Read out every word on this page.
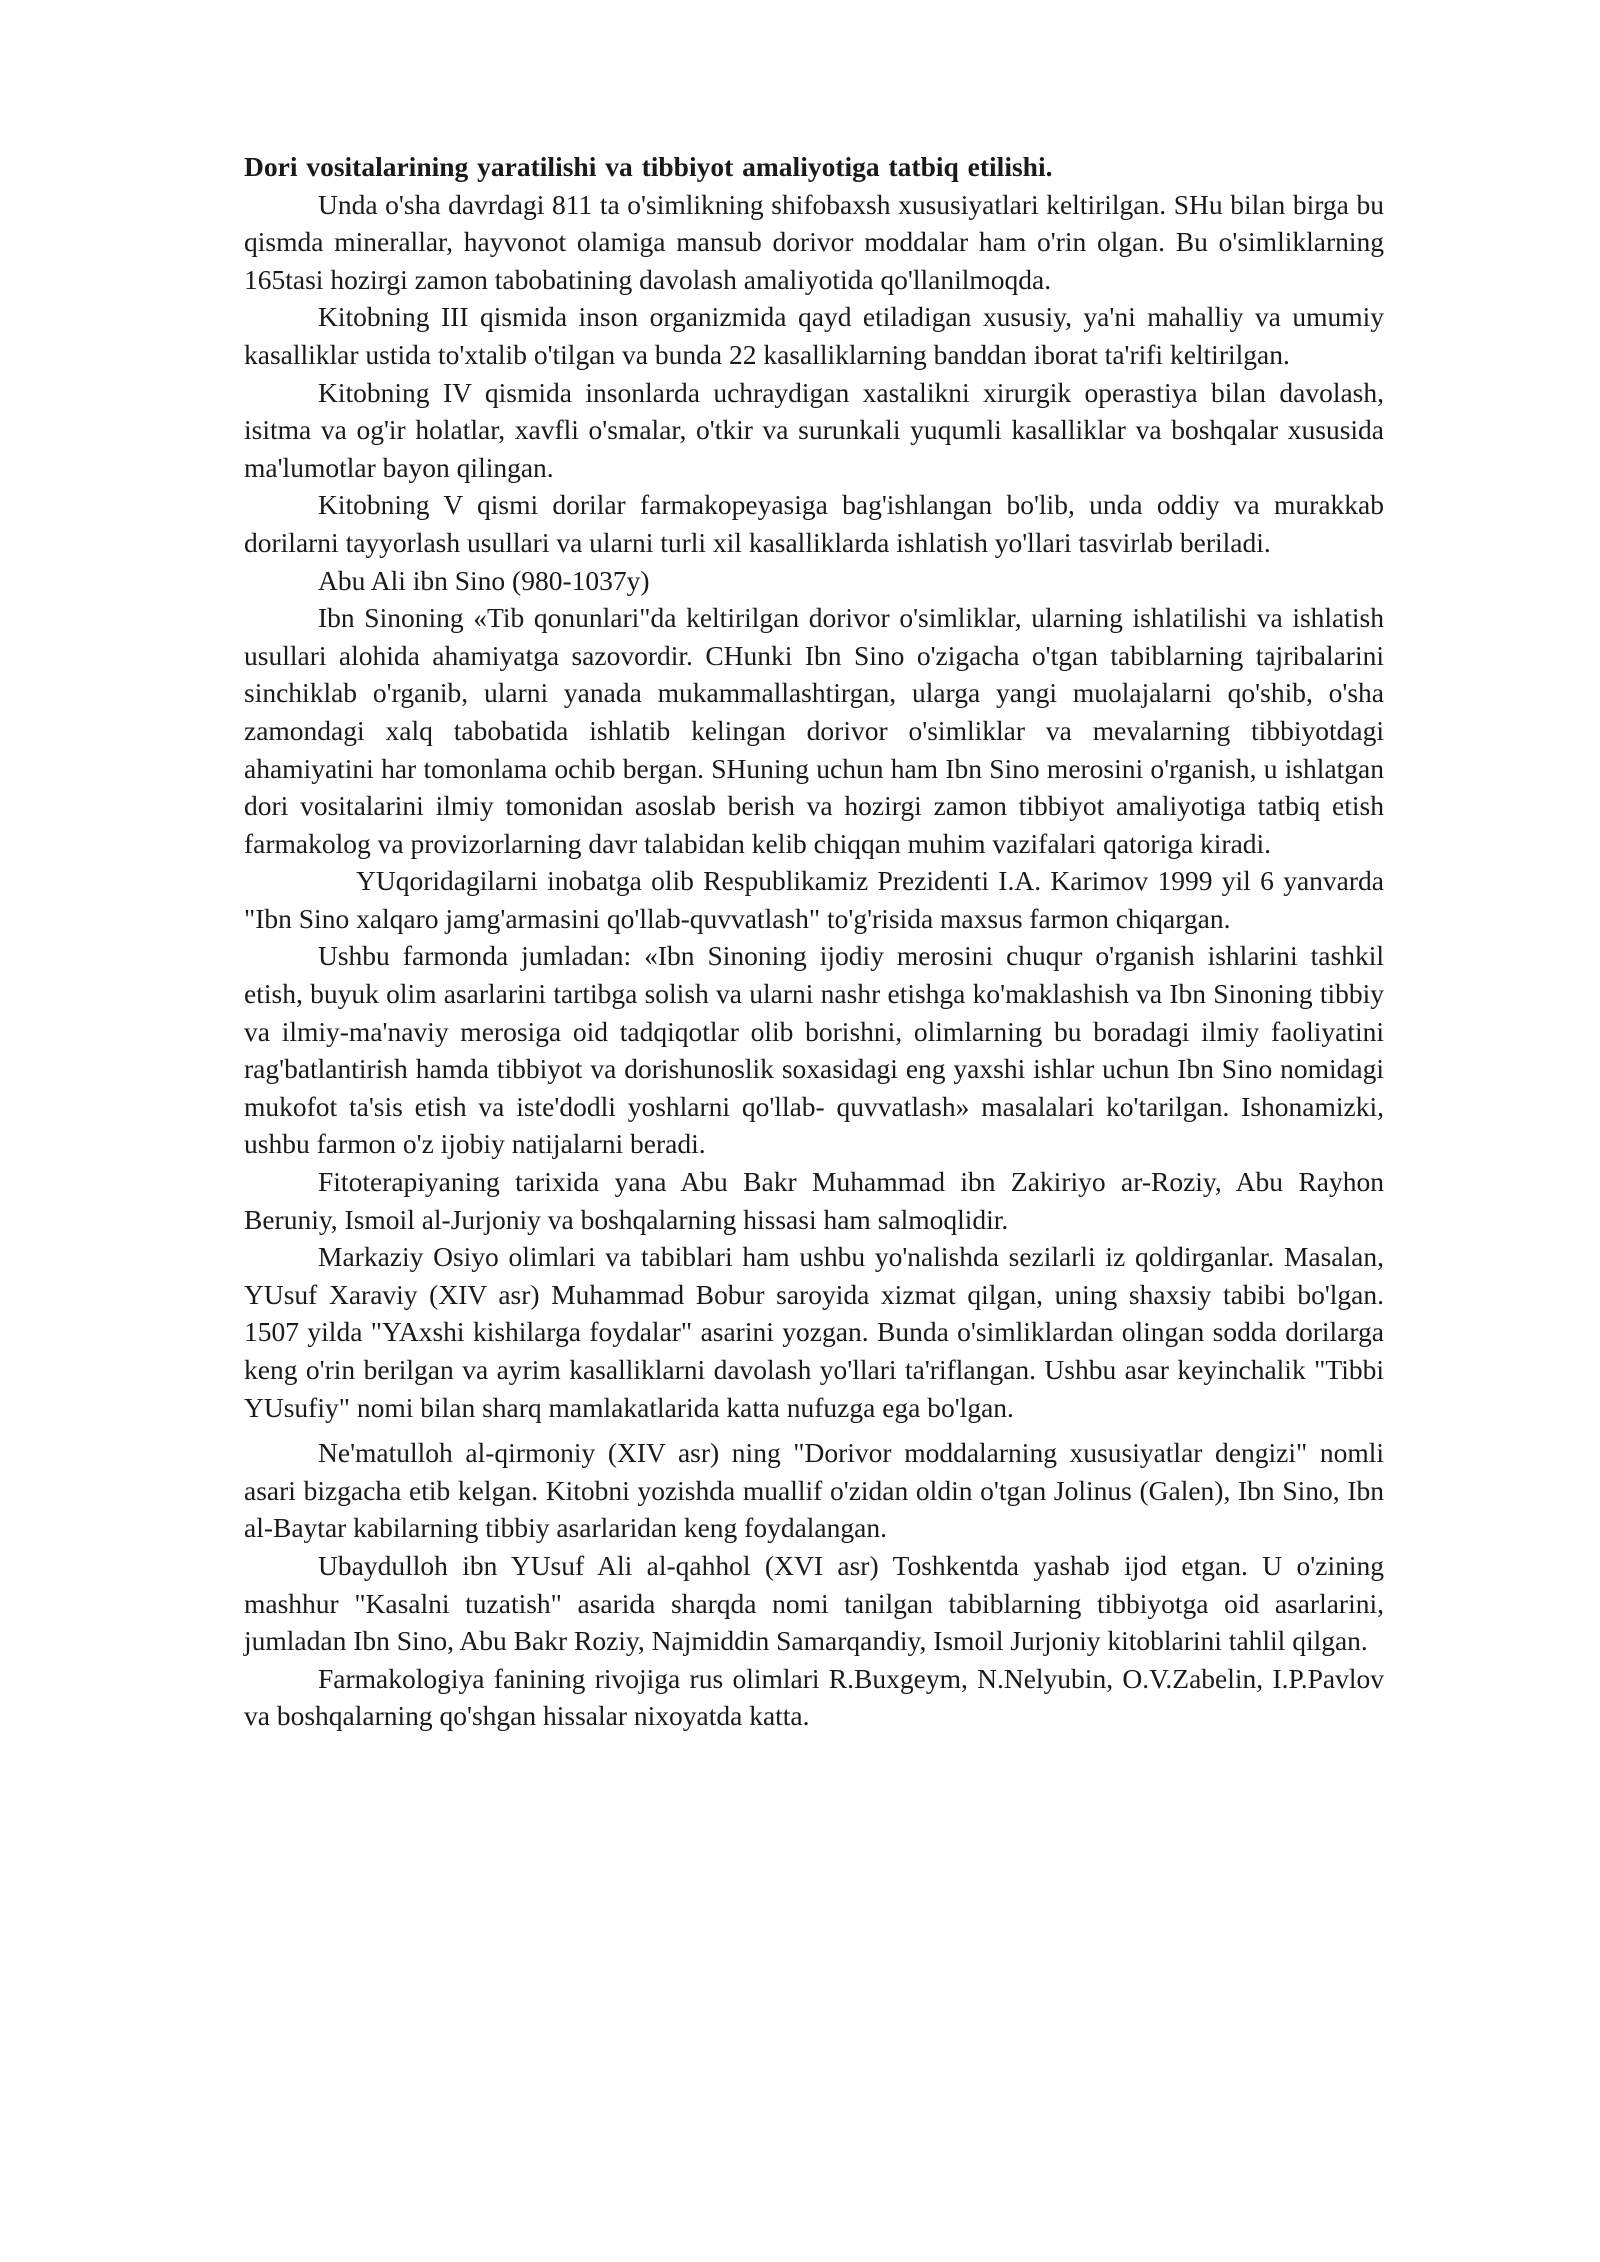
Dori vositalarining yaratilishi va tibbiyot amaliyotiga tatbiq etilishi.

Unda o'sha davrdagi 811 ta o'simlikning shifobaxsh xususiyatlari keltirilgan. SHu bilan birga bu qismda minerallar, hayvonot olamiga mansub dorivor moddalar ham o'rin olgan. Bu o'simliklarning 165tasi hozirgi zamon tabobatining davolash amaliyotida qo'llanilmoqda.

Kitobning III qismida inson organizmida qayd etiladigan xususiy, ya'ni mahalliy va umumiy kasalliklar ustida to'xtalib o'tilgan va bunda 22 kasalliklarning banddan iborat ta'rifi keltirilgan.

Kitobning IV qismida insonlarda uchraydigan xastalikni xirurgik operastiya bilan davolash, isitma va og'ir holatlar, xavfli o'smalar, o'tkir va surunkali yuqumli kasalliklar va boshqalar xususida ma'lumotlar bayon qilingan.

Kitobning V qismi dorilar farmakopeyasiga bag'ishlangan bo'lib, unda oddiy va murakkab dorilarni tayyorlash usullari va ularni turli xil kasalliklarda ishlatish yo'llari tasvirlab beriladi.

Abu Ali ibn Sino (980-1037y)

Ibn Sinoning «Tib qonunlari"da keltirilgan dorivor o'simliklar, ularning ishlatilishi va ishlatish usullari alohida ahamiyatga sazovordir. CHunki Ibn Sino o'zigacha o'tgan tabiblarning tajribalarini sinchiklab o'rganib, ularni yanada mukammallashtirgan, ularga yangi muolajalarni qo'shib, o'sha zamondagi xalq tabobatida ishlatib kelingan dorivor o'simliklar va mevalarning tibbiyotdagi ahamiyatini har tomonlama ochib bergan. SHuning uchun ham Ibn Sino merosini o'rganish, u ishlatgan dori vositalarini ilmiy tomonidan asoslab berish va hozirgi zamon tibbiyot amaliyotiga tatbiq etish farmakolog va provizorlarning davr talabidan kelib chiqqan muhim vazifalari qatoriga kiradi.

YUqoridagilarni inobatga olib Respublikamiz Prezidenti I.A. Karimov 1999 yil 6 yanvarda "Ibn Sino xalqaro jamg'armasini qo'llab-quvvatlash" to'g'risida maxsus farmon chiqargan.

Ushbu farmonda jumladan: «Ibn Sinoning ijodiy merosini chuqur o'rganish ishlarini tashkil etish, buyuk olim asarlarini tartibga solish va ularni nashr etishga ko'maklashish va Ibn Sinoning tibbiy va ilmiy-ma'naviy merosiga oid tadqiqotlar olib borishni, olimlarning bu boradagi ilmiy faoliyatini rag'batlantirish hamda tibbiyot va dorishunoslik soxasidagi eng yaxshi ishlar uchun Ibn Sino nomidagi mukofot ta'sis etish va iste'dodli yoshlarni qo'llab- quvvatlash» masalalari ko'tarilgan. Ishonamizki, ushbu farmon o'z ijobiy natijalarni beradi.

Fitoterapiyaning tarixida yana Abu Bakr Muhammad ibn Zakiriyo ar-Roziy, Abu Rayhon Beruniy, Ismoil al-Jurjoniy va boshqalarning hissasi ham salmoqlidir.

Markaziy Osiyo olimlari va tabiblari ham ushbu yo'nalishda sezilarli iz qoldirganlar. Masalan, YUsuf Xaraviy (XIV asr) Muhammad Bobur saroyida xizmat qilgan, uning shaxsiy tabibi bo'lgan. 1507 yilda "YAxshi kishilarga foydalar" asarini yozgan. Bunda o'simliklardan olingan sodda dorilarga keng o'rin berilgan va ayrim kasalliklarni davolash yo'llari ta'riflangan. Ushbu asar keyinchalik "Tibbi YUsufiy" nomi bilan sharq mamlakatlarida katta nufuzga ega bo'lgan.

Ne'matulloh al-qirmoniy (XIV asr) ning "Dorivor moddalarning xususiyatlar dengizi" nomli asari bizgacha etib kelgan. Kitobni yozishda muallif o'zidan oldin o'tgan Jolinus (Galen), Ibn Sino, Ibn al-Baytar kabilarning tibbiy asarlaridan keng foydalangan.

Ubaydulloh ibn YUsuf Ali al-qahhol (XVI asr) Toshkentda yashab ijod etgan. U o'zining mashhur "Kasalni tuzatish" asarida sharqda nomi tanilgan tabiblarning tibbiyotga oid asarlarini, jumladan Ibn Sino, Abu Bakr Roziy, Najmiddin Samarqandiy, Ismoil Jurjoniy kitoblarini tahlil qilgan.

Farmakologiya fanining rivojiga rus olimlari R.Buxgeym, N.Nelyubin, O.V.Zabelin, I.P.Pavlov va boshqalarning qo'shgan hissalar nixoyatda katta.
